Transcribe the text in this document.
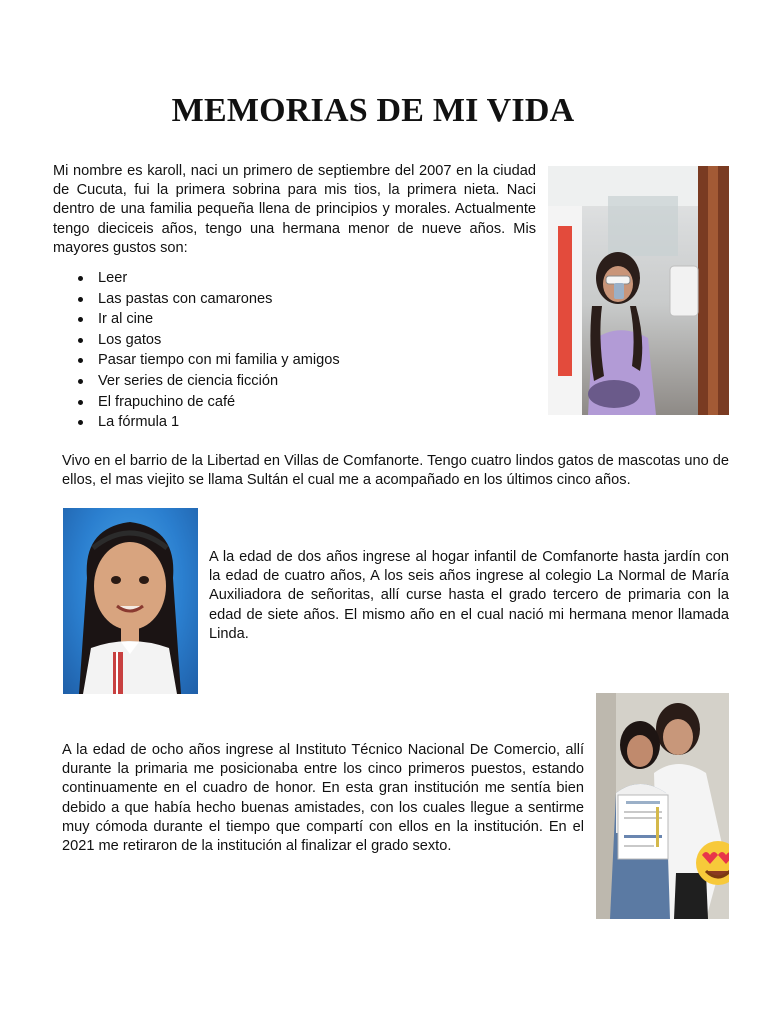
MEMORIAS DE MI VIDA

Mi nombre es karoll, naci un primero de septiembre del 2007 en la ciudad de Cucuta, fui la primera sobrina para mis tios, la primera nieta. Naci dentro de una familia pequeña llena de principios y morales. Actualmente tengo dieciceis años, tengo una hermana menor de nueve años. Mis mayores gustos son:

Leer
Las pastas con camarones
Ir al cine
Los gatos
Pasar tiempo con mi familia y amigos
Ver series de ciencia ficción
El frapuchino de café
La fórmula 1

Vivo en el barrio de la Libertad en Villas de Comfanorte. Tengo cuatro lindos gatos de mascotas uno de ellos, el mas viejito se llama Sultán el cual me a acompañado en los últimos cinco años.

A la edad de dos años ingrese al hogar infantil de Comfanorte hasta jardín con la edad de cuatro años, A los seis años ingrese al colegio La Normal de María Auxiliadora de señoritas, allí curse hasta el grado tercero de primaria con la edad de siete años. El mismo año en el cual nació mi hermana menor llamada Linda.

A la edad de ocho años ingrese al Instituto Técnico Nacional De Comercio, allí durante la primaria me posicionaba entre los cinco primeros puestos, estando continuamente en el cuadro de honor. En esta gran institución me sentía bien debido a que había hecho buenas amistades, con los cuales llegue a sentirme muy cómoda durante el tiempo que compartí con ellos en la institución. En el 2021 me retiraron de la institución al finalizar el grado sexto.
